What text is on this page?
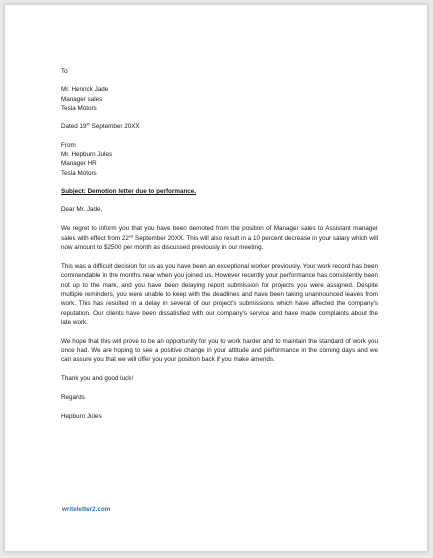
To

Mr. Henrick Jade

Manager sales

Tesla Motors

Dated 19th September 20XX

From

Mr. Hepburn Jules

Manager HR

Tesla Motors

Subject: Demotion letter due to performance.

Dear Mr. Jade,

We regret to inform you that you have been demoted from the position of Manager sales to Assistant manager sales with effect from 22nd September 20XX. This will also result in a 10 percent decrease in your salary which will now amount to $2500 per month as discussed previously in our meeting.

This was a difficult decision for us as you have been an exceptional worker previously. Your work record has been commendable in the months near when you joined us. However recently your performance has consistently been not up to the mark, and you have been delaying report submission for projects you were assigned. Despite multiple reminders, you were unable to keep with the deadlines and have been taking unannounced leaves from work. This has resulted in a delay in several of our project's submissions which have affected the company's reputation. Our clients have been dissatisfied with our company's service and have made complaints about the late work.

We hope that this will prove to be an opportunity for you to work harder and to maintain the standard of work you once had. We are hoping to see a positive change in your attitude and performance in the coming days and we can assure you that we will offer you your position back if you make amends.

Thank you and good luck!

Regards

Hepburn Jules

writeletter2.com
